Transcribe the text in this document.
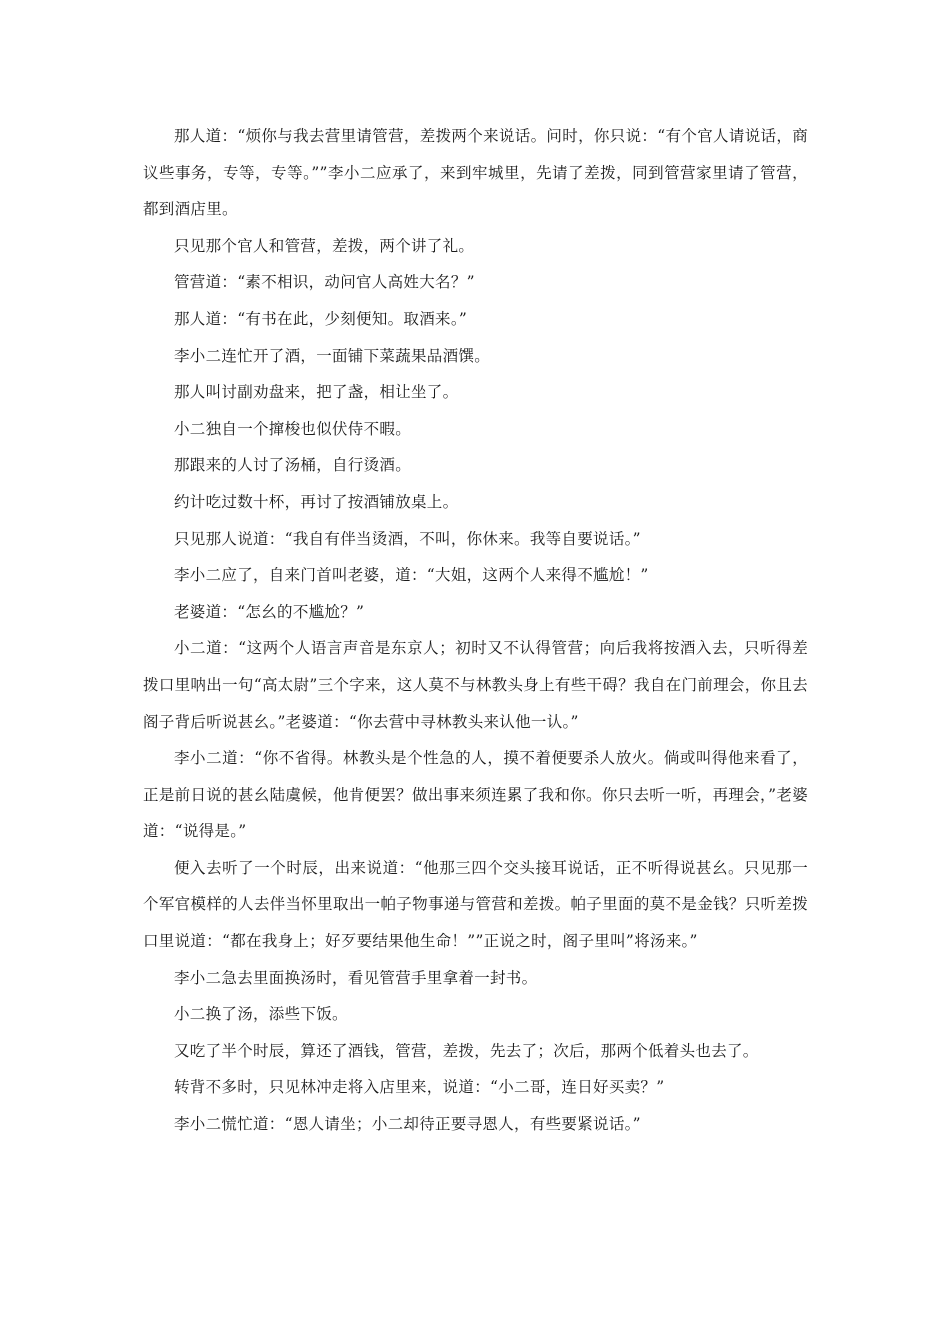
那人道：“烦你与我去营里请管营，差拨两个来说话。问时，你只说：“有个官人请说话，商议些事务，专等，专等。””李小二应承了，来到牢城里，先请了差拨，同到管营家里请了管营，都到酒店里。

只见那个官人和管营，差拨，两个讲了礼。

管营道：“素不相识，动问官人高姓大名？”

那人道：“有书在此，少刻便知。取酒来。”

李小二连忙开了酒，一面铺下菜蔬果品酒馔。

那人叫讨副劝盘来，把了盏，相让坐了。

小二独自一个撺梭也似伏侍不暇。

那跟来的人讨了汤桶，自行烫酒。

约计吃过数十杯，再讨了按酒铺放桌上。

只见那人说道：“我自有伴当烫酒，不叫，你休来。我等自要说话。”

李小二应了，自来门首叫老婆，道：“大姐，这两个人来得不尴尬！”

老婆道：“怎幺的不尴尬？”

小二道：“这两个人语言声音是东京人；初时又不认得管营；向后我将按酒入去，只听得差拨口里呐出一句“高太尉”三个字来，这人莫不与林教头身上有些干碍？我自在门前理会，你且去阁子背后听说甚幺。”老婆道：“你去营中寻林教头来认他一认。”

李小二道：“你不省得。林教头是个性急的人，摸不着便要杀人放火。倘或叫得他来看了，正是前日说的甚幺陆虞候，他肯便罢？做出事来须连累了我和你。你只去听一听，再理会，”老婆道：“说得是。”

便入去听了一个时辰，出来说道：“他那三四个交头接耳说话，正不听得说甚幺。只见那一个军官模样的人去伴当怀里取出一帕子物事递与管营和差拨。帕子里面的莫不是金钱？只听差拨口里说道：“都在我身上；好歹要结果他生命！””正说之时，阁子里叫”将汤来。”

李小二急去里面换汤时，看见管营手里拿着一封书。

小二换了汤，添些下饭。

又吃了半个时辰，算还了酒钱，管营，差拨，先去了；次后，那两个低着头也去了。

转背不多时，只见林冲走将入店里来，说道：“小二哥，连日好买卖？”

李小二慌忙道：“恩人请坐；小二却待正要寻恩人，有些要紧说话。”
